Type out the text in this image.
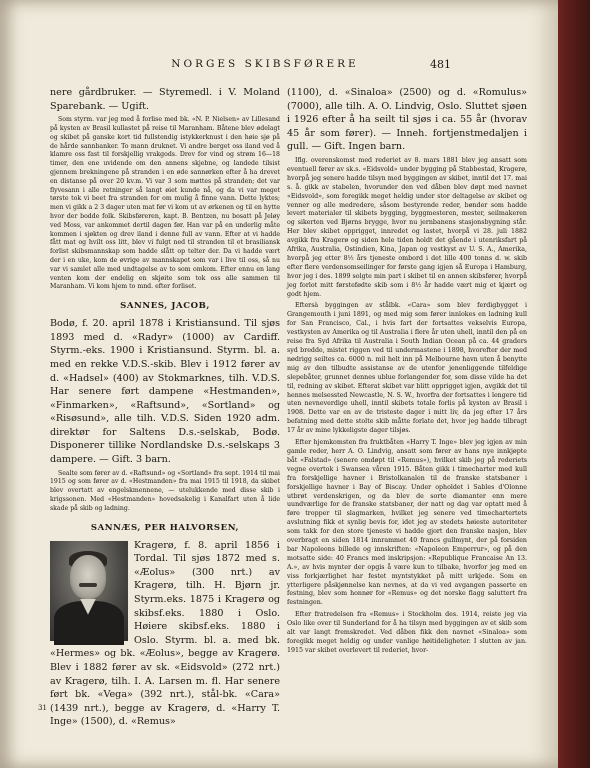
NORGES SKIBSFØRERE	481

nere gårdbruker. — Styremedl. i V. Moland Sparebank. — Ugift.

Som styrm. var jeg med å forlise med bk. «N. P. Nielsen» av Lillesand på kysten av Brasil kullastet på reise til Maranham. Båtene blev ødelagt og skibet på ganske kort tid fullstendig istykkerknust i den høie sjø på de hårde sannbanker. To mann druknet. Vi andre berget oss iland ved å klamre oss fast til forskjellig vrakgods. Drev for vind og strøm 16—18 timer, den ene uvidende om den annens skjebne, og landede tilsist gjennem brekningene på stranden i en øde sannørken efter å ha drevet en distanse på over 20 kv.m. Vi var 3 som møttes på stranden; det var flyvesann i alle retninger så langt øiet kunde nå, og da vi var meget tørste tok vi beet fra stranden for om mulig å finne vann. Dette lyktes; men vi gikk a 2 3 dager uten mat før vi kom ut av ørkenen og til en hytte hvor der bodde folk. Skibsføreren, kapt. B. Bentzen, nu bosatt på Jeløy ved Moss, var ankommet dertil dagen før. Han var på en underlig måte kommen i sjøkten og drev iland i denne full av vann. Efter at vi hadde fått mat og hvilt oss litt, blev vi fulgt ned til stranden til et brasiliansk forlist skibsmannskap som hadde slått op telter der. Da vi hadde vært der i en uke, kom de øvrige av mannskapet som var i live til oss, så nu var vi samlet alle med undtagelse av to som omkom. Efter ennu en lang venten kom der endelig en skjøite som tok oss alle sammen til Maranham. Vi kom hjem to mnd. efter forliset.

SANNES, JACOB,

Bodø, f. 20. april 1878 i Kristiansund. Til sjøs 1893 med d. «Radyr» (1000) av Cardiff. Styrm.-eks. 1900 i Kristiansund. Styrm. bl. a. med en rekke V.D.S.-skib. Blev i 1912 fører av d. «Hadsel» (400) av Stokmarknes, tilh. V.D.S. Har senere ført dampene «Hestmanden», «Finmarken», «Raftsund», «Sortland» og «Risøsund», alle tilh. V.D.S. Siden 1920 adm. direktør for Saltens D.s.-selskab, Bodø. Disponerer tillike Nordlandske D.s.-selskaps 3 dampere. — Gift. 3 barn.

Sealte som fører av d. «Raftsund» og «Sortland» fra sept. 1914 til mai 1915 og som fører av d. «Hestmanden» fra mai 1915 til 1918, da skibet blev overtatt av engelskmennene, — utelukkende med disse skib i krigssonen. Med «Hestmanden» hovedsakelig i Kanalfart uten å lide skade på skib og ladning.

SANNÆS, PER HALVORSEN,

Kragerø, f. 8. april 1856 i Tordal. Til sjøs 1872 med s. «Æolus» (300 nrt.) av Kragerø, tilh. H. Bjørn jr. Styrm.eks. 1875 i Kragerø og skibsf.eks. 1880 i Oslo. Høiere skibsf.eks. 1880 i Oslo. Styrm. bl. a. med bk. «Hermes» og bk. «Æolus», begge av Kragerø. Blev i 1882 fører av sk. «Eidsvold» (272 nrt.) av Kragerø, tilh. I. A. Larsen m. fl. Har senere ført bk. «Vega» (392 nrt.), stål-bk. «Cara» (1439 nrt.), begge av Kragerø, d. «Harry T. Inge» (1500), d. «Remus»

(1100), d. «Sinaloa» (2500) og d. «Romulus» (7000), alle tilh. A. O. Lindvig, Oslo. Sluttet sjøen i 1926 efter å ha seilt til sjøs i ca. 55 år (hvorav 45 år som fører). — Inneh. fortjenstmedaljen i gull. — Gift. Ingen barn.

Iflg. overenskomst med rederiet av 8. mars 1881 blev jeg ansatt som eventuell fører av sk.s. «Eidsvold» under bygging på Stabbestad, Kragerø, hvorpå jeg senere hadde tilsyn med byggingen av skibet, inntil det 17. mai s. å. gikk av stabelen, hvorunder den ved dåben blev døpt med navnet «Eidsvold», som foregikk meget heldig under stor deltagelse av skibet og venner og alle medredere, såsom bestyrende reder, bønder som hadde levert materialer til skibets bygging, byggmesteren, mester, seilmakeren og sikerten ved Bjørns brygge, hvor nu jernbanens stasjonsbygning står. Her blev skibet opprigget, innredet og lastet, hvorpå vi 28. juli 1882 avgikk fra Kragerø og siden hele tiden holdt det gående i utenriksfart på Afrika, Australia, Ostindien, Kina, Japan og vestkyst av U. S. A., Amerika, hvorpå jeg etter 8½ års tjeneste ombord i det lille 400 tonns d. w. skib efter flere verdensomseilinger for første gang igjen så Europa i Hamburg, hvor jeg i des. 1899 solgte min part i skibet til en annen skibsfører, hvorpå jeg forlot mitt førstefødte skib som i 8½ år hadde vært mig et kjært og godt hjem.

Eftersà byggingen av stålbk. «Cara» som blev ferdigbygget i Grangemouth i juni 1891, og med mig som fører innlokes en ladning kull for San Francisco, Cal., i hvis fart der fortsattes vekselvis Europa, vestkysten av Amerika og til Australia i flere år uten uhell, inntil den på en reise fra Syd Afrika til Australia i South Indian Ocean på ca. 44 graders syd bredde, mistet riggen ved til undermastene i 1898, hvorefter der med nødrigg seiltes ca. 6000 n. mil helt inn på Melbourne havn uten å benytte mig av den tilbudte assistanse av de utenfor jenenliggende tilfeldige slepebåter, grunnet dennes ublue forlangender for, som disse vilde ha det til, redning av skibet. Efterat skibet var blitt opprigget igjen, avgikk det til hennes melsessted Newcastle, N. S. W., hvorfra der fortsattes i lengere tid uten nevneverdige uhell, inntil skibets totale forlis på kysten av Brasil i 1908. Dette var en av de tristeste dager i mitt liv, da jeg efter 17 års befatning med dette stolte skib måtte forlate det, hvor jeg hadde tilbragt 17 år av mine lykkeligste dager tilsjøs.

Efter hjemkomsten fra fruktbåten «Harry T. Inge» blev jeg igjen av min gamle reder, herr A. O. Lindvig, ansatt som fører av hans nye innkjøpte båt «Falstad» (senere omdøpt til «Remus»), hvilket skib jeg på rederiets vegne overtok i Swansea våren 1915. Båten gikk i timecharter med kull fra forskjellige havner i Bristolkanalen til de franske statsbaner i forskjellige havner i Bay of Biscay. Under opholdet i Sables d'Olonne utbrøt verdenskrigen, og da blev de sorte diamanter enn mere uundværlige for de franske statsbaner, der natt og dag var optatt med å føre tropper til slagmarken, hvilket jeg senere ved timechartertets avslutning fikk et synlig bevis for, idet jeg av stedets høieste autoriteter som takk for den store tjeneste vi hadde gjort den franske nasjon, blev overbragt en siden 1814 innrammet 40 francs gullmynt, der på forsiden bar Napoleons billede og innskriften: «Napoleon Emperrur», og på den motsatte side: 40 Francs med inskripsjon: «Republique Francaise An 13. A.», av hvis mynter der opgis å være kun to tilbake, hvorfor jeg med en viss forkjærlighet har festet myntstykket på mitt urkjede. Som en ytterligere påskjønnelse kan nevnes, at da vi ved avgangen passerte en festning, blev som honnør for «Remus» og det norske flagg saluttert fra festningen.

Efter fratredelsen fra «Remus» i Stockholm des. 1914, reiste jeg via Oslo like over til Sunderland for å ha tilsyn med byggingen av et skib som alt var langt fremskredet. Ved dåben fikk den navnet «Sinaloa» som foregikk meget heldig og under vanlige høitideligheter. I slutten av jan. 1915 var skibet overlevert til rederiet, hvor-

31
